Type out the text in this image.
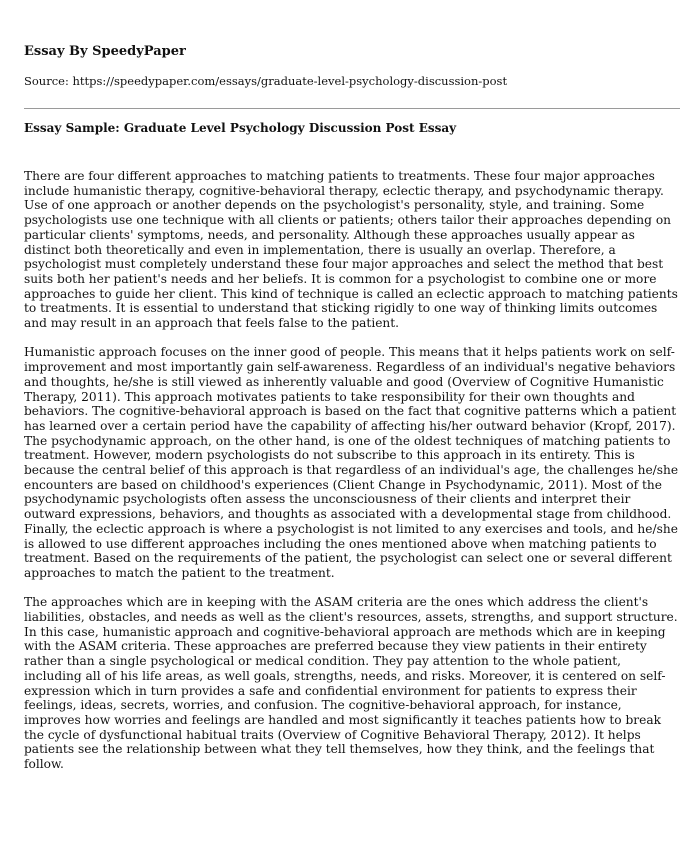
Essay By SpeedyPaper
Source: https://speedypaper.com/essays/graduate-level-psychology-discussion-post
Essay Sample: Graduate Level Psychology Discussion Post Essay

There are four different approaches to matching patients to treatments. These four major approaches include humanistic therapy, cognitive-behavioral therapy, eclectic therapy, and psychodynamic therapy. Use of one approach or another depends on the psychologist's personality, style, and training. Some psychologists use one technique with all clients or patients; others tailor their approaches depending on particular clients' symptoms, needs, and personality. Although these approaches usually appear as distinct both theoretically and even in implementation, there is usually an overlap. Therefore, a psychologist must completely understand these four major approaches and select the method that best suits both her patient's needs and her beliefs. It is common for a psychologist to combine one or more approaches to guide her client. This kind of technique is called an eclectic approach to matching patients to treatments. It is essential to understand that sticking rigidly to one way of thinking limits outcomes and may result in an approach that feels false to the patient.

Humanistic approach focuses on the inner good of people. This means that it helps patients work on self-improvement and most importantly gain self-awareness. Regardless of an individual's negative behaviors and thoughts, he/she is still viewed as inherently valuable and good (Overview of Cognitive Humanistic Therapy, 2011). This approach motivates patients to take responsibility for their own thoughts and behaviors. The cognitive-behavioral approach is based on the fact that cognitive patterns which a patient has learned over a certain period have the capability of affecting his/her outward behavior (Kropf, 2017). The psychodynamic approach, on the other hand, is one of the oldest techniques of matching patients to treatment. However, modern psychologists do not subscribe to this approach in its entirety. This is because the central belief of this approach is that regardless of an individual's age, the challenges he/she encounters are based on childhood's experiences (Client Change in Psychodynamic, 2011). Most of the psychodynamic psychologists often assess the unconsciousness of their clients and interpret their outward expressions, behaviors, and thoughts as associated with a developmental stage from childhood. Finally, the eclectic approach is where a psychologist is not limited to any exercises and tools, and he/she is allowed to use different approaches including the ones mentioned above when matching patients to treatment. Based on the requirements of the patient, the psychologist can select one or several different approaches to match the patient to the treatment.

The approaches which are in keeping with the ASAM criteria are the ones which address the client's liabilities, obstacles, and needs as well as the client's resources, assets, strengths, and support structure. In this case, humanistic approach and cognitive-behavioral approach are methods which are in keeping with the ASAM criteria. These approaches are preferred because they view patients in their entirety rather than a single psychological or medical condition. They pay attention to the whole patient, including all of his life areas, as well goals, strengths, needs, and risks. Moreover, it is centered on self-expression which in turn provides a safe and confidential environment for patients to express their feelings, ideas, secrets, worries, and confusion. The cognitive-behavioral approach, for instance, improves how worries and feelings are handled and most significantly it teaches patients how to break the cycle of dysfunctional habitual traits (Overview of Cognitive Behavioral Therapy, 2012). It helps patients see the relationship between what they tell themselves, how they think, and the feelings that follow.
